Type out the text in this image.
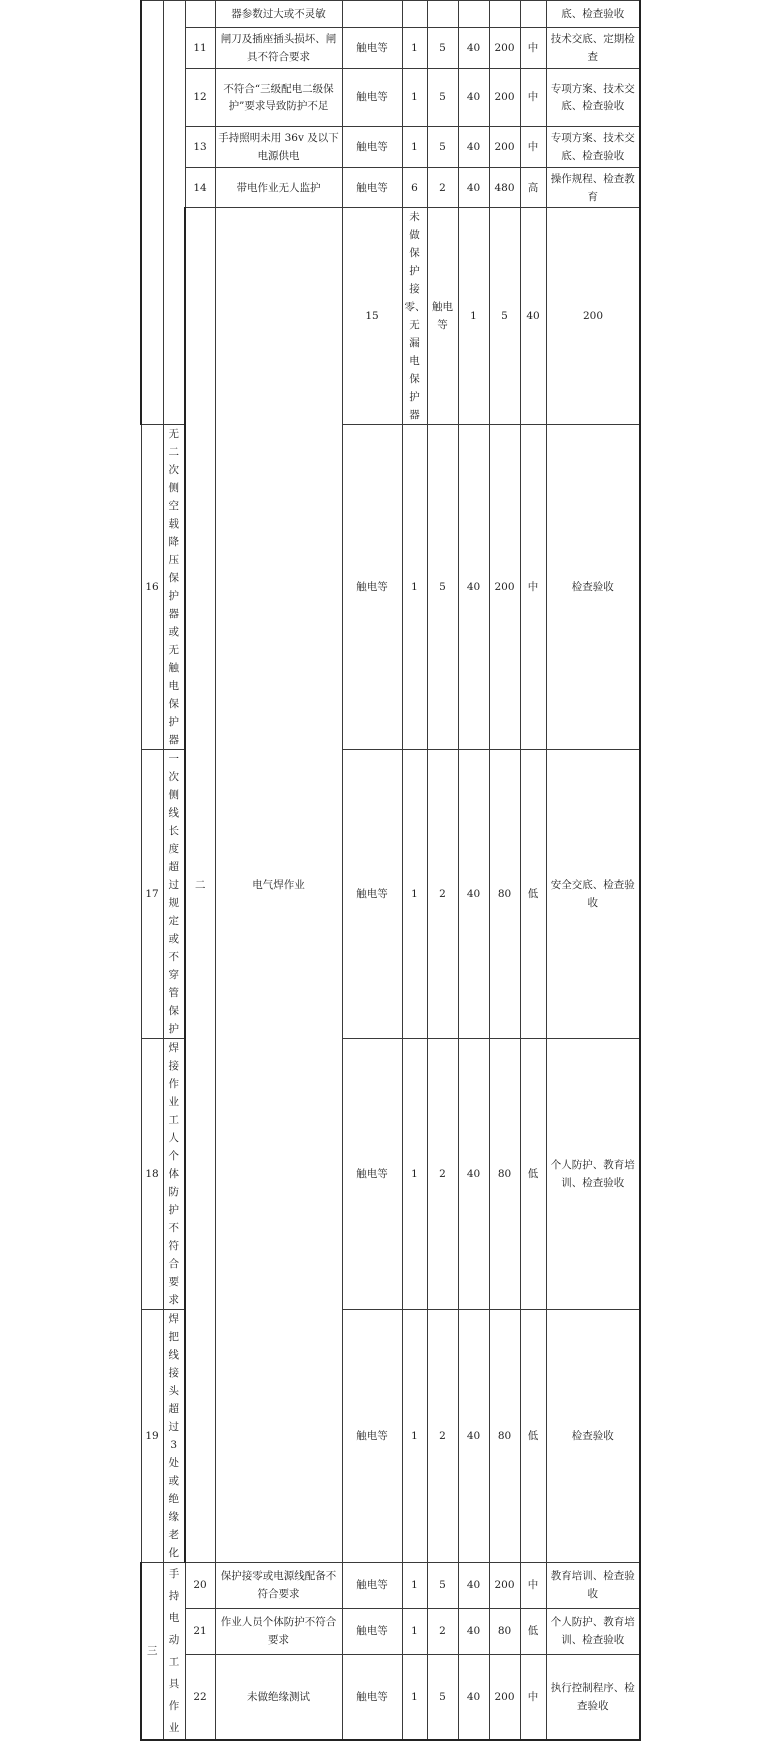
			器参数过大或不灵敏							底、检查验收	
		11	闸刀及插座插头损坏、闸具不符合要求	触电等	1	5	40	200	中	技术交底、定期检查	
		12	不符合“三级配电二级保护”要求导致防护不足	触电等	1	5	40	200	中	专项方案、技术交底、检查验收	
		13	手持照明未用 36v 及以下电源供电	触电等	1	5	40	200	中	专项方案、技术交底、检查验收	
		14	带电作业无人监护	触电等	6	2	40	480	高	操作规程、检查教育	
		二	电气焊作业	15	未做保护接零、无漏电保护器	触电等	1	5	40	200		
16	无二次侧空载降压保护器或无触电保护器			触电等	1	5	40	200	中	检查验收	
17	一次侧线长度超过规定或不穿管保护			触电等	1	2	40	80	低	安全交底、检查验收	
18	焊接作业工人个体防护不符合要求			触电等	1	2	40	80	低	个人防护、教育培训、检查验收	
19	焊把线接头超过 3 处或绝缘老化			触电等	1	2	40	80	低	检查验收	
三	手持电动工具作业	20	保护接零或电源线配备不符合要求	触电等	1	5	40	200	中	教育培训、检查验收	
		21	作业人员个体防护不符合要求	触电等	1	2	40	80	低	个人防护、教育培训、检查验收	
		22	未做绝缘测试	触电等	1	5	40	200	中	执行控制程序、检查验收	
